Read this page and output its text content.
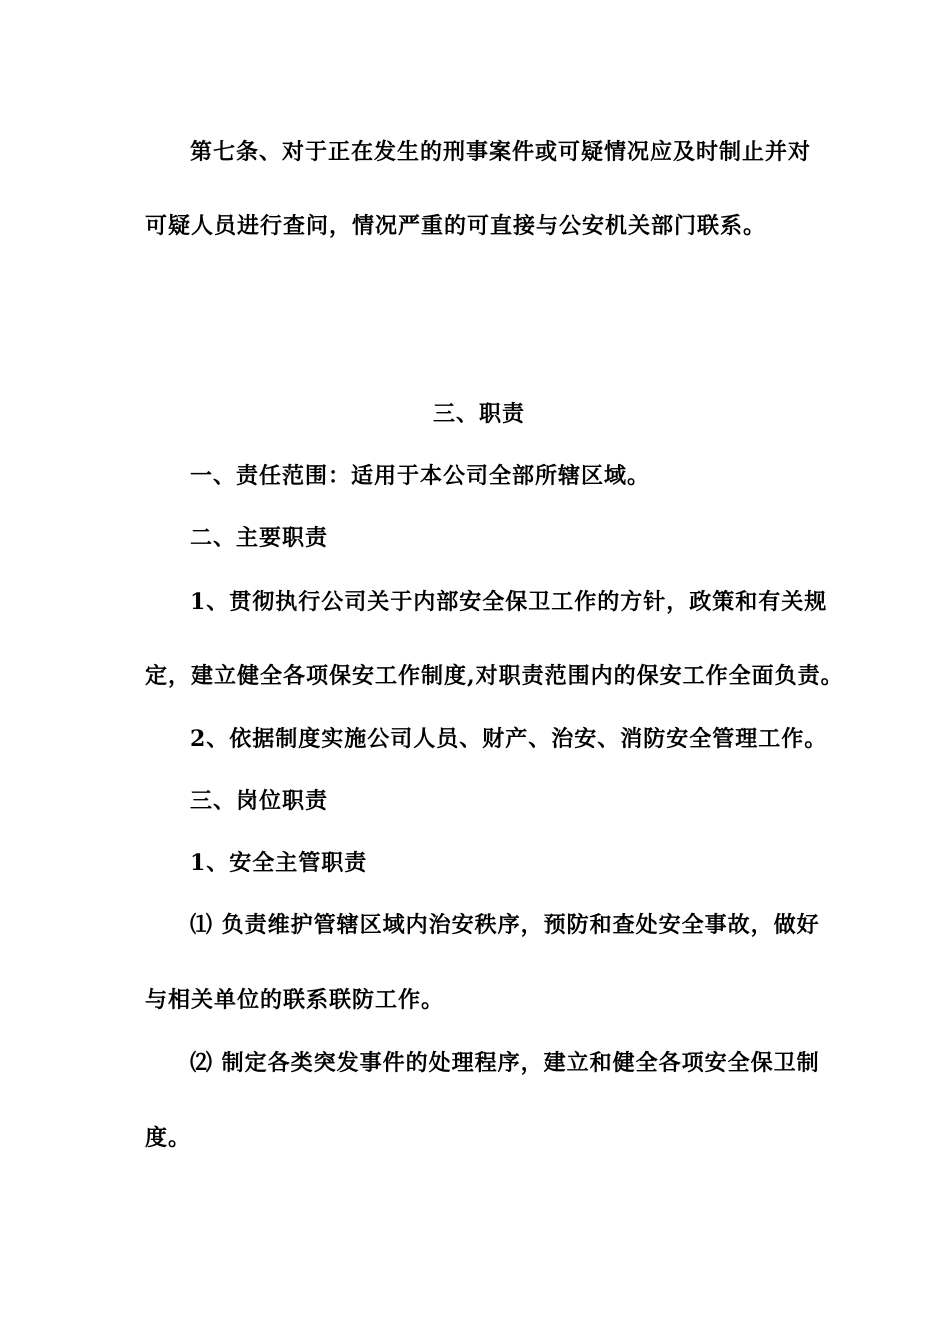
第七条、对于正在发生的刑事案件或可疑情况应及时制止并对
可疑人员进行查问，情况严重的可直接与公安机关部门联系。
三、职责
一、责任范围：适用于本公司全部所辖区域。
二、主要职责
1、贯彻执行公司关于内部安全保卫工作的方针，政策和有关规
定，建立健全各项保安工作制度,对职责范围内的保安工作全面负责。
2、依据制度实施公司人员、财产、治安、消防安全管理工作。
三、岗位职责
1、安全主管职责
⑴ 负责维护管辖区域内治安秩序，预防和查处安全事故，做好
与相关单位的联系联防工作。
⑵ 制定各类突发事件的处理程序，建立和健全各项安全保卫制
度。
